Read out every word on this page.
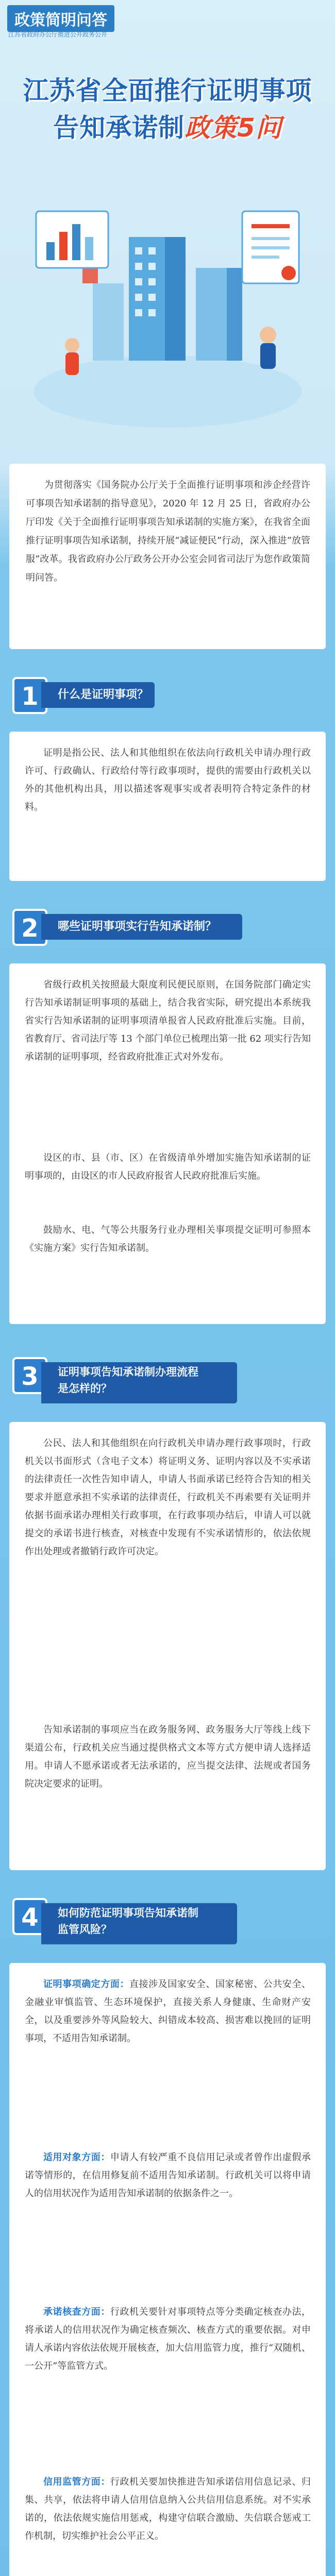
政策简明问答
江苏省政府办公厅推进公开政务公开
江苏省全面推行证明事项
告知承诺制政策5问
为贯彻落实《国务院办公厅关于全面推行证明事项和涉企经营许可事项告知承诺制的指导意见》，2020 年 12 月 25 日，省政府办公厅印发《关于全面推行证明事项告知承诺制的实施方案》，在我省全面推行证明事项告知承诺制，持续开展“减证便民”行动，深入推进“放管服”改革。我省政府办公厅政务公开办公室会同省司法厅为您作政策简明问答。
1 什么是证明事项？
证明是指公民、法人和其他组织在依法向行政机关申请办理行政许可、行政确认、行政给付等行政事项时，提供的需要由行政机关以外的其他机构出具，用以描述客观事实或者表明符合特定条件的材料。
2 哪些证明事项实行告知承诺制？
省级行政机关按照最大限度利民便民原则，在国务院部门确定实行告知承诺制证明事项的基础上，结合我省实际，研究提出本系统我省实行告知承诺制的证明事项清单报省人民政府批准后实施。目前，省教育厅、省司法厅等 13 个部门单位已梳理出第一批 62 项实行告知承诺制的证明事项，经省政府批准正式对外发布。
设区的市、县（市、区）在省级清单外增加实施告知承诺制的证明事项的，由设区的市人民政府报省人民政府批准后实施。
鼓励水、电、气等公共服务行业办理相关事项提交证明可参照本《实施方案》实行告知承诺制。
3 证明事项告知承诺制办理流程
是怎样的？
公民、法人和其他组织在向行政机关申请办理行政事项时，行政机关以书面形式（含电子文本）将证明义务、证明内容以及不实承诺的法律责任一次性告知申请人，申请人书面承诺已经符合告知的相关要求并愿意承担不实承诺的法律责任，行政机关不再索要有关证明并依据书面承诺办理相关行政事项，在行政事项办结后，申请人可以就提交的承诺书进行核查，对核查中发现有不实承诺情形的，依法依规作出处理或者撤销行政许可决定。
告知承诺制的事项应当在政务服务网、政务服务大厅等线上线下渠道公布，行政机关应当通过提供格式文本等方式方便申请人选择适用。申请人不愿承诺或者无法承诺的，应当提交法律、法规或者国务院决定要求的证明。
4 如何防范证明事项告知承诺制
监管风险？
证明事项确定方面：直接涉及国家安全、国家秘密、公共安全、金融业审慎监管、生态环境保护，直接关系人身健康、生命财产安全，以及重要涉外等风险较大、纠错成本较高、损害难以挽回的证明事项，不适用告知承诺制。
适用对象方面：申请人有较严重不良信用记录或者曾作出虚假承诺等情形的，在信用修复前不适用告知承诺制。行政机关可以将申请人的信用状况作为适用告知承诺制的依据条件之一。
承诺核查方面：行政机关要针对事项特点等分类确定核查办法，将承诺人的信用状况作为确定核查频次、核查方式的重要依据。对申请人承诺内容依法依规开展核查，加大信用监管力度，推行“双随机、一公开”等监管方式。
信用监管方面：行政机关要加快推进告知承诺信用信息记录、归集、共享，依法将申请人信用信息纳入公共信用信息系统。对不实承诺的，依法依规实施信用惩戒，构建守信联合激励、失信联合惩戒工作机制，切实维护社会公平正义。
